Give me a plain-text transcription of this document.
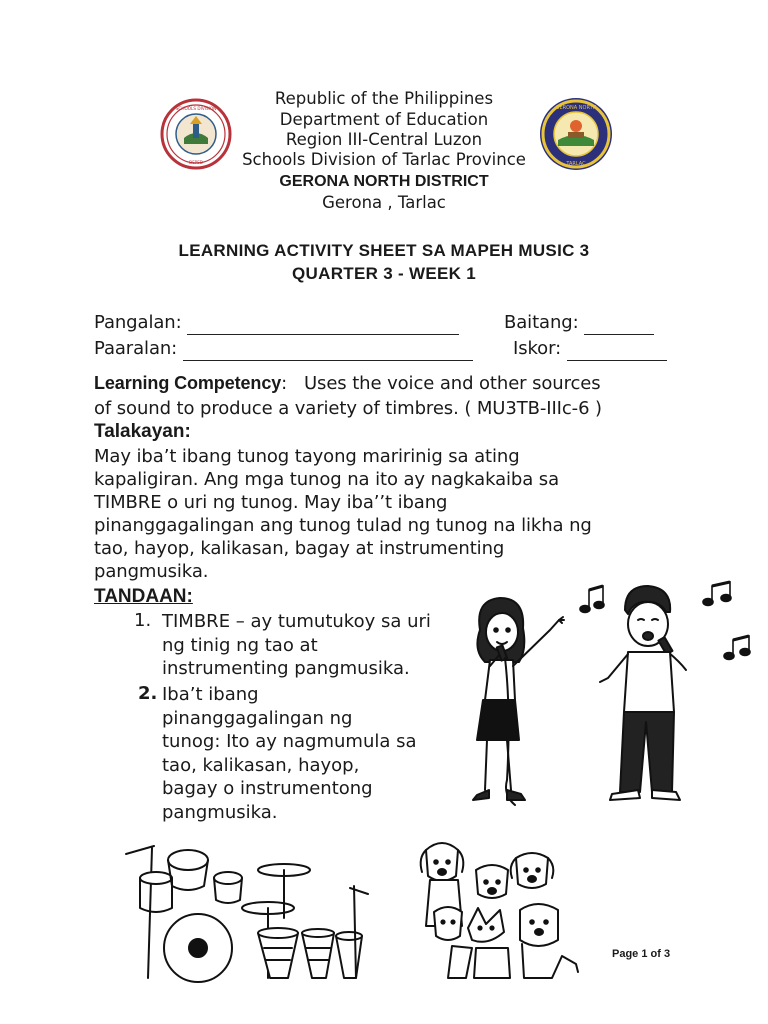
SCHOOLS DIVISION
DEPED
GERONA NORTH
TARLAC
Republic of the Philippines
Department of Education
Region III-Central Luzon
Schools Division of Tarlac Province
GERONA NORTH DISTRICT
Gerona , Tarlac
LEARNING ACTIVITY SHEET SA MAPEH MUSIC 3
QUARTER 3 - WEEK 1
Pangalan:	Baitang:
Paaralan:	Iskor:
Learning Competency: Uses the voice and other sources
of sound to produce a variety of timbres. ( MU3TB-IIIc-6 )
Talakayan:
May iba’t ibang tunog tayong maririnig sa ating
kapaligiran. Ang mga tunog na ito ay nagkakaiba sa
TIMBRE o uri ng tunog. May iba’’t ibang
pinanggagalingan ang tunog tulad ng tunog na likha ng
tao, hayop, kalikasan, bagay at instrumenting
pangmusika.
TANDAAN:
1. TIMBRE – ay tumutukoy sa uri
ng tinig ng tao at
instrumenting pangmusika.
2. Iba’t ibang
pinanggagalingan ng
tunog: Ito ay nagmumula sa
tao, kalikasan, hayop,
bagay o instrumentong
pangmusika.
Page 1 of 3
